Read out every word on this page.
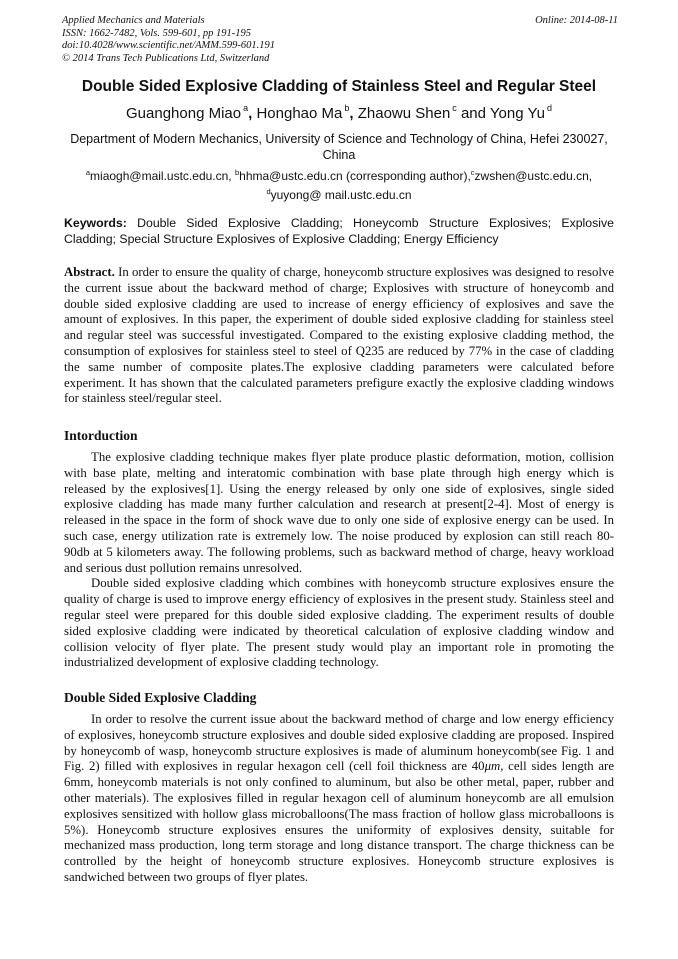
Applied Mechanics and Materials
ISSN: 1662-7482, Vols. 599-601, pp 191-195
doi:10.4028/www.scientific.net/AMM.599-601.191
© 2014 Trans Tech Publications Ltd, Switzerland
Online: 2014-08-11
Double Sided Explosive Cladding of Stainless Steel and Regular Steel
Guanghong Miao $^a$, Honghao Ma $^b$, Zhaowu Shen $^c$ and Yong Yu $^d$
Department of Modern Mechanics, University of Science and Technology of China, Hefei 230027, China
$^a$miaogh@mail.ustc.edu.cn, $^b$hhma@ustc.edu.cn (corresponding author),$^c$zwshen@ustc.edu.cn,
$^d$yuyong@ mail.ustc.edu.cn
Keywords: Double Sided Explosive Cladding; Honeycomb Structure Explosives; Explosive Cladding; Special Structure Explosives of Explosive Cladding; Energy Efficiency

Abstract. In order to ensure the quality of charge, honeycomb structure explosives was designed to resolve the current issue about the backward method of charge; Explosives with structure of honeycomb and double sided explosive cladding are used to increase of energy efficiency of explosives and save the amount of explosives. In this paper, the experiment of double sided explosive cladding for stainless steel and regular steel was successful investigated. Compared to the existing explosive cladding method, the consumption of explosives for stainless steel to steel of Q235 are reduced by 77% in the case of cladding the same number of composite plates.The explosive cladding parameters were calculated before experiment. It has shown that the calculated parameters prefigure exactly the explosive cladding windows for stainless steel/regular steel.

Intorduction

The explosive cladding technique makes flyer plate produce plastic deformation, motion, collision with base plate, melting and interatomic combination with base plate through high energy which is released by the explosives[1]. Using the energy released by only one side of explosives, single sided explosive cladding has made many further calculation and research at present[2-4]. Most of energy is released in the space in the form of shock wave due to only one side of explosive energy can be used. In such case, energy utilization rate is extremely low. The noise produced by explosion can still reach 80-90db at 5 kilometers away. The following problems, such as backward method of charge, heavy workload and serious dust pollution remains unresolved.

Double sided explosive cladding which combines with honeycomb structure explosives ensure the quality of charge is used to improve energy efficiency of explosives in the present study. Stainless steel and regular steel were prepared for this double sided explosive cladding. The experiment results of double sided explosive cladding were indicated by theoretical calculation of explosive cladding window and collision velocity of flyer plate. The present study would play an important role in promoting the industrialized development of explosive cladding technology.

Double Sided Explosive Cladding

In order to resolve the current issue about the backward method of charge and low energy efficiency of explosives, honeycomb structure explosives and double sided explosive cladding are proposed. Inspired by honeycomb of wasp, honeycomb structure explosives is made of aluminum honeycomb(see Fig. 1 and Fig. 2) filled with explosives in regular hexagon cell (cell foil thickness are 40μm, cell sides length are 6mm, honeycomb materials is not only confined to aluminum, but also be other metal, paper, rubber and other materials). The explosives filled in regular hexagon cell of aluminum honeycomb are all emulsion explosives sensitized with hollow glass microballoons(The mass fraction of hollow glass microballoons is 5%). Honeycomb structure explosives ensures the uniformity of explosives density, suitable for mechanized mass production, long term storage and long distance transport. The charge thickness can be controlled by the height of honeycomb structure explosives. Honeycomb structure explosives is sandwiched between two groups of flyer plates.
